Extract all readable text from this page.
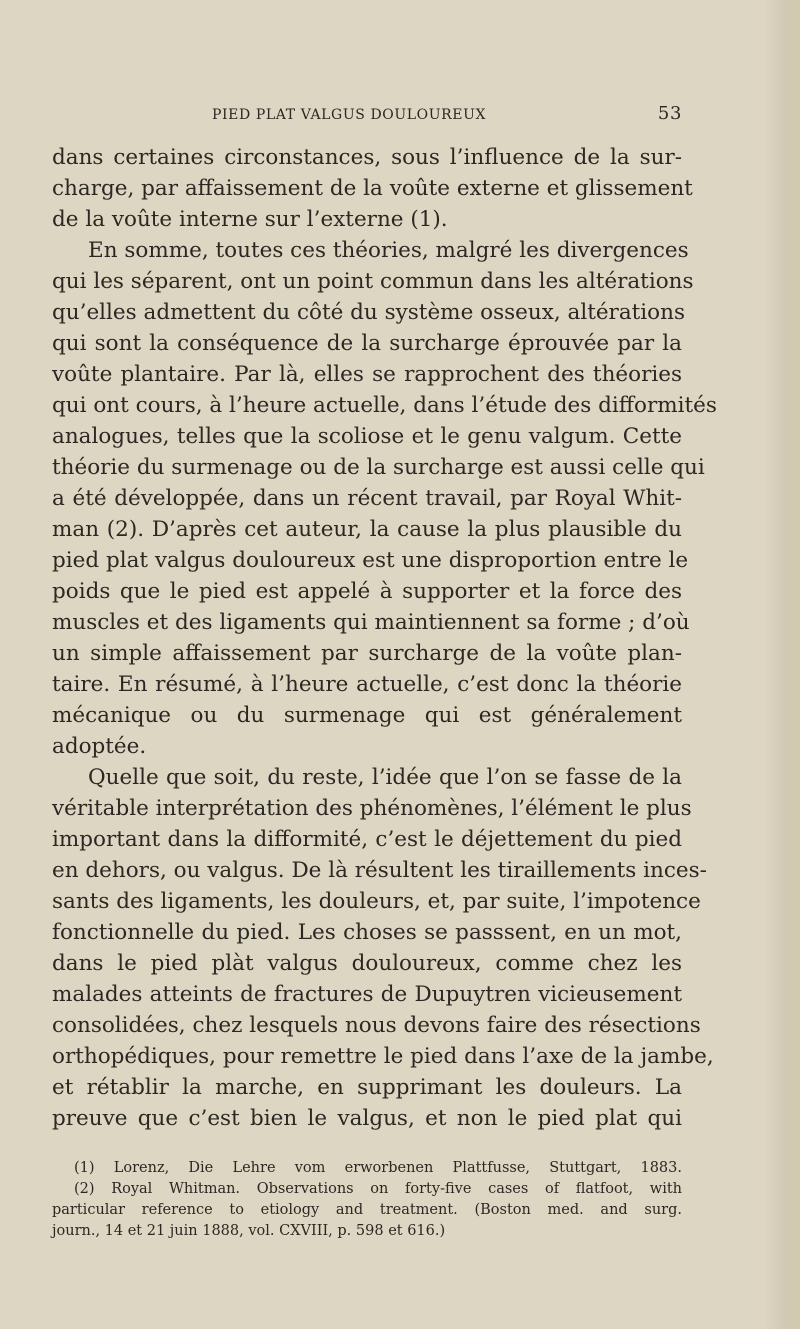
PIED PLAT VALGUS DOULOUREUX	53
dans certaines circonstances, sous l’influence de la sur-
charge, par affaissement de la voûte externe et glissement
de la voûte interne sur l’externe (1).
En somme, toutes ces théories, malgré les divergences
qui les séparent, ont un point commun dans les altérations
qu’elles admettent du côté du système osseux, altérations
qui sont la conséquence de la surcharge éprouvée par la
voûte plantaire. Par là, elles se rapprochent des théories
qui ont cours, à l’heure actuelle, dans l’étude des difformités
analogues, telles que la scoliose et le genu valgum. Cette
théorie du surmenage ou de la surcharge est aussi celle qui
a été développée, dans un récent travail, par Royal Whit-
man (2). D’après cet auteur, la cause la plus plausible du
pied plat valgus douloureux est une disproportion entre le
poids que le pied est appelé à supporter et la force des
muscles et des ligaments qui maintiennent sa forme ; d’où
un simple affaissement par surcharge de la voûte plan-
taire. En résumé, à l’heure actuelle, c’est donc la théorie
mécanique ou du surmenage qui est généralement
adoptée.
Quelle que soit, du reste, l’idée que l’on se fasse de la
véritable interprétation des phénomènes, l’élément le plus
important dans la difformité, c’est le déjettement du pied
en dehors, ou valgus. De là résultent les tiraillements inces-
sants des ligaments, les douleurs, et, par suite, l’impotence
fonctionnelle du pied. Les choses se passsent, en un mot,
dans le pied plàt valgus douloureux, comme chez les
malades atteints de fractures de Dupuytren vicieusement
consolidées, chez lesquels nous devons faire des résections
orthopédiques, pour remettre le pied dans l’axe de la jambe,
et rétablir la marche, en supprimant les douleurs. La
preuve que c’est bien le valgus, et non le pied plat qui
(1) Lorenz, Die Lehre vom erworbenen Plattfusse, Stuttgart, 1883.
(2) Royal Whitman. Observations on forty-five cases of flatfoot, with
particular reference to etiology and treatment. (Boston med. and surg.
journ., 14 et 21 juin 1888, vol. CXVIII, p. 598 et 616.)
